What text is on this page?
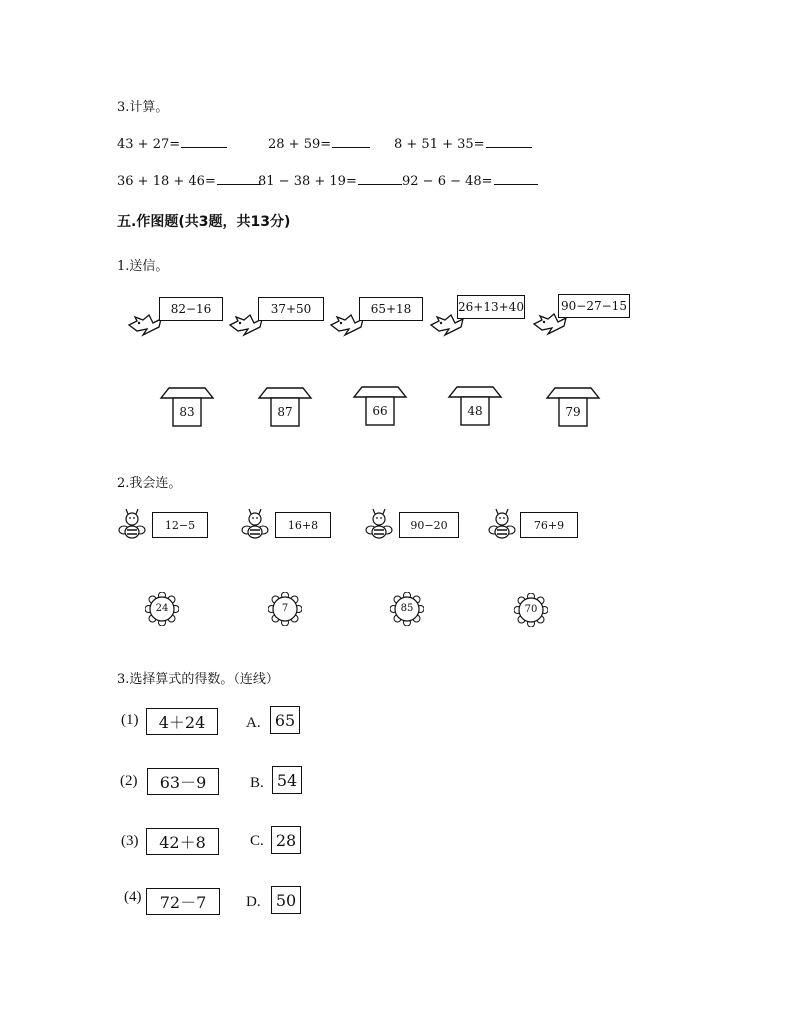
3.计算。
43 + 27=	28 + 59=	8 + 51 + 35=
36 + 18 + 46=	81 − 38 + 19=	92 − 6 − 48=
五.作图题(共3题，共13分)
1.送信。
82−16	37+50	65+18	26+13+40	90−27−15
83	87	66	48	79
2.我会连。
12−5	16+8	90−20	76+9
24	7	85	70
3.选择算式的得数。（连线）
(1)	4＋24	A. 65
(2)	63－9	B. 54
(3)	42＋8	C. 28
(4)	72－7	D. 50
